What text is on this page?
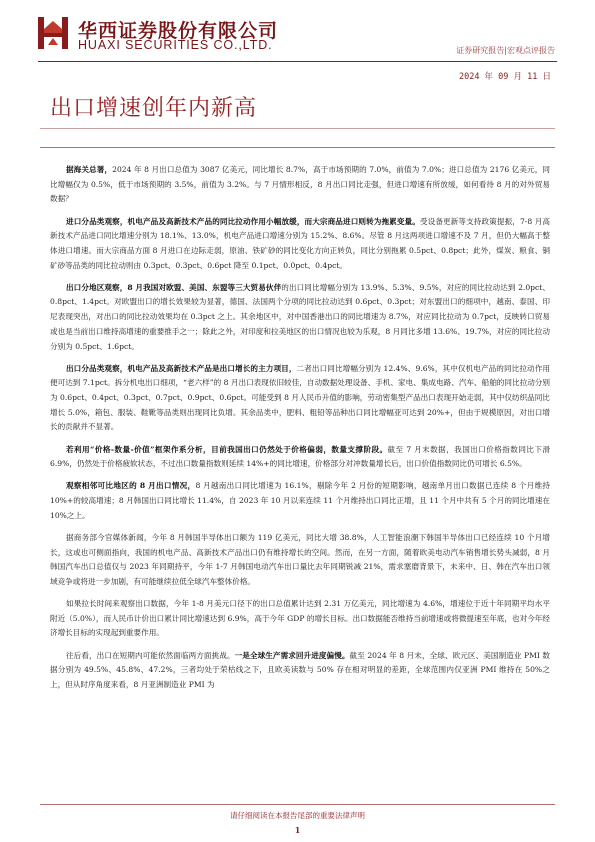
华西证券股份有限公司
HUAXI SECURITIES CO.,LTD.	证券研究报告|宏观点评报告
2024 年 09 月 11 日
出口增速创年内新高

据海关总署，2024 年 8 月出口总值为 3087 亿美元，同比增长 8.7%，高于市场预期的 7.0%，前值为 7.0%；进口总值为 2176 亿美元，同比增幅仅为 0.5%，低于市场预期的 3.5%，前值为 3.2%。与 7 月情形相反，8 月出口同比走强，但进口增速有所放缓，如何看待 8 月的对外贸易数据？

进口分品类观察，机电产品及高新技术产品的同比拉动作用小幅放缓，而大宗商品进口则转为拖累变量。受设备更新等支持政策提振，7-8 月高新技术产品进口同比增速分别为 18.1%、13.0%，机电产品进口增速分别为 15.2%、8.6%。尽管 8 月这两项进口增速不及 7 月，但仍大幅高于整体进口增速。而大宗商品方面 8 月进口在边际走弱，原油、铁矿砂的同比变化方向正转负，同比分别拖累 0.5pct、0.8pct；此外，煤炭、粮食、铜矿砂等品类的同比拉动则由 0.3pct、0.3pct、0.6pct 降至 0.1pct、0.0pct、0.4pct。

出口分地区观察，8 月我国对欧盟、美国、东盟等三大贸易伙伴的出口同比增幅分别为 13.9%、5.3%、9.5%，对应的同比拉动达到 2.0pct、0.8pct、1.4pct。对欧盟出口的增长效果较为显著，德国、法国两个分项的同比拉动达到 0.6pct、0.3pct；对东盟出口的细项中，越南、泰国、印尼表现突出，对出口的同比拉动效果均在 0.3pct 之上。其余地区中，对中国香港出口的同比增速为 8.7%，对应同比拉动为 0.7pct，反映转口贸易或也是当前出口维持高增速的重要推手之一；除此之外，对印度和拉美地区的出口情况也较为乐观，8 月同比多增 13.6%、19.7%，对应的同比拉动分别为 0.5pct、1.6pct。

出口分品类观察，机电产品及高新技术产品是出口增长的主力项目，二者出口同比增幅分别为 12.4%、9.6%，其中仅机电产品的同比拉动作用便可达到 7.1pct。拆分机电出口细项，“老六样”的 8 月出口表现依旧较佳，自动数据处理设备、手机、家电、集成电路、汽车、船舶的同比拉动分别为 0.6pct、0.4pct、0.3pct、0.7pct、0.9pct、0.6pct。可能受到 8 月人民币升值的影响，劳动密集型产品出口表现开始走弱，其中仅纺织品同比增长 5.0%，箱包、服装、鞋靴等品类则出现同比负增。其余品类中，肥料、粗铅等品种出口同比增幅亚可达到 20%+，但由于规模原因，对出口增长的贡献并不显著。

若利用“价格-数量-价值”框架作系分析，目前我国出口仍然处于价格偏弱，数量支撑阶段。截至 7 月末数据，我国出口价格指数同比下滑 6.9%，仍然处于价格疲软状态，不过出口数量指数则延续 14%+的同比增速，价格部分对冲数量增长后，出口价值指数同比仍可增长 6.5%。

观察相邻可比地区的 8 月出口情况，8 月越南出口同比增速为 16.1%，剔除今年 2 月份的短期影响，越南单月出口数据已连续 8 个月维持 10%+的较高增速；8 月韩国出口同比增长 11.4%，自 2023 年 10 月以来连续 11 个月维持出口同比正增，且 11 个月中共有 5 个月的同比增速在 10%之上。

据商务部今官媒体新闻，今年 8 月韩国半导体出口额为 119 亿美元，同比大增 38.8%，人工智能浪潮下韩国半导体出口已经连续 10 个月增长，这或也可侧面指向，我国的机电产品、高新技术产品出口仍有维持增长的空间。然而，在另一方面，随着欧美电动汽车销售增长势头减弱，8 月韩国汽车出口总值仅与 2023 年同期持平，今年 1-7 月韩国电动汽车出口量比去年同期锐减 21%，需求塞磨背景下，未来中、日、韩在汽车出口领域竞争或将进一步加剧，有可能继续拉低全球汽车整体价格。

如果拉长时间来观察出口数据，今年 1-8 月美元口径下的出口总值累计达到 2.31 万亿美元，同比增速为 4.6%，增速位于近十年同期平均水平附近（5.0%），而人民币计价出口累计同比增速达到 6.9%，高于今年 GDP 的增长目标。出口数据能否维持当前增速或将微提速至年底，也对今年经济增长目标的实现起到重要作用。

往后看，出口在短期内可能依然面临两方面挑战。一是全球生产需求回升进度偏慢。截至 2024 年 8 月末，全球、欧元区、美国制造业 PMI 数据分别为 49.5%、45.8%、47.2%，三者均处于荣枯线之下，且欧美读数与 50% 存在相对明显的差距，全球范围内仅亚洲 PMI 维持在 50%之上，但从时序角度来看，8 月亚洲制造业 PMI 为

请仔细阅读在本报告尾部的重要法律声明
1
